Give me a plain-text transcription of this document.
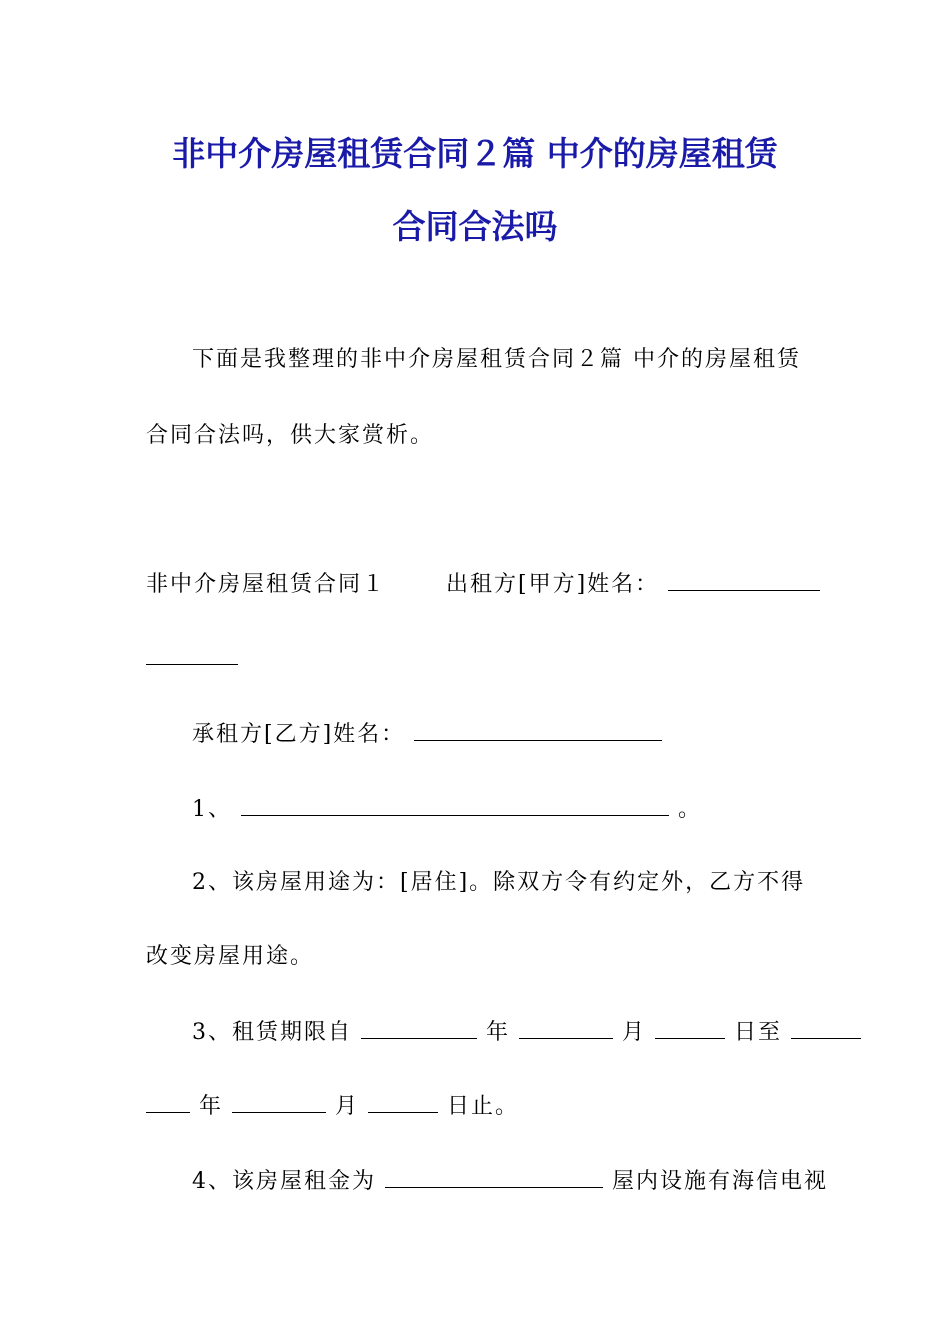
非中介房屋租赁合同２篇 中介的房屋租赁
合同合法吗
下面是我整理的非中介房屋租赁合同２篇 中介的房屋租赁
合同合法吗，供大家赏析。
非中介房屋租赁合同１	出租方[甲方]姓名：
承租方[乙方]姓名：
1、	。
2、该房屋用途为：[居住]。除双方令有约定外，乙方不得
改变房屋用途。
3、租赁期限自	年	月	日至
年	月	日止。
4、该房屋租金为	屋内设施有海信电视
